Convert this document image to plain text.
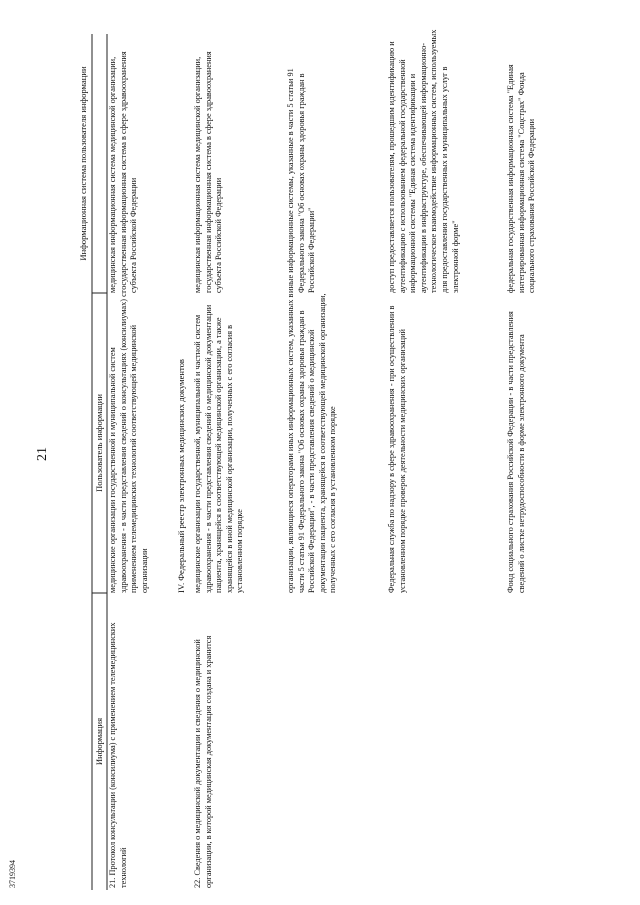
21
3719394
Информация
Пользователь информации
Информационная система пользователя информации

21. Протокол консультации (консилиума) с применением телемедицинских технологий

медицинские организации государственной и муниципальной систем здравоохранения - в части представления сведений о консультациях (консилиумах) с применением телемедицинских технологий соответствующей медицинской организации

медицинская информационная система медицинской организации, государственная информационная система в сфере здравоохранения субъекта Российской Федерации

IV. Федеральный реестр электронных медицинских документов

22. Сведения о медицинской документации и сведения о медицинской организации, в которой медицинская документация создана и хранится

медицинские организации государственной, муниципальной и частной систем здравоохранения - в части представления сведений о медицинской документации пациента, хранящейся в соответствующей медицинской организации, а также хранящейся в иной медицинской организации, полученных с его согласия в установленном порядке

медицинская информационная система медицинской организации, государственная информационная система в сфере здравоохранения субъекта Российской Федерации

организации, являющиеся операторами иных информационных систем, указанных в части 5 статьи 91 Федерального закона "Об основах охраны здоровья граждан в Российской Федерации", - в части представления сведений о медицинской документации пациента, хранящейся в соответствующей медицинской организации, полученных с его согласия в установленном порядке

иные информационные системы, указанные в части 5 статьи 91 Федерального закона "Об основах охраны здоровья граждан в Российской Федерации"

Федеральная служба по надзору в сфере здравоохранения - при осуществлении в установленном порядке проверок деятельности медицинских организаций

доступ предоставляется пользователям, прошедшим идентификацию и аутентификацию с использованием федеральной государственной информационной системы "Единая система идентификации и аутентификации в инфраструктуре, обеспечивающей информационно-технологическое взаимодействие информационных систем, используемых для предоставления государственных и муниципальных услуг в электронной форме"

Фонд социального страхования Российской Федерации - в части представления сведений о листке нетрудоспособности в форме электронного документа

федеральная государственная информационная система "Единая интегрированная информационная система "Соцстрах" Фонда социального страхования Российской Федерации
